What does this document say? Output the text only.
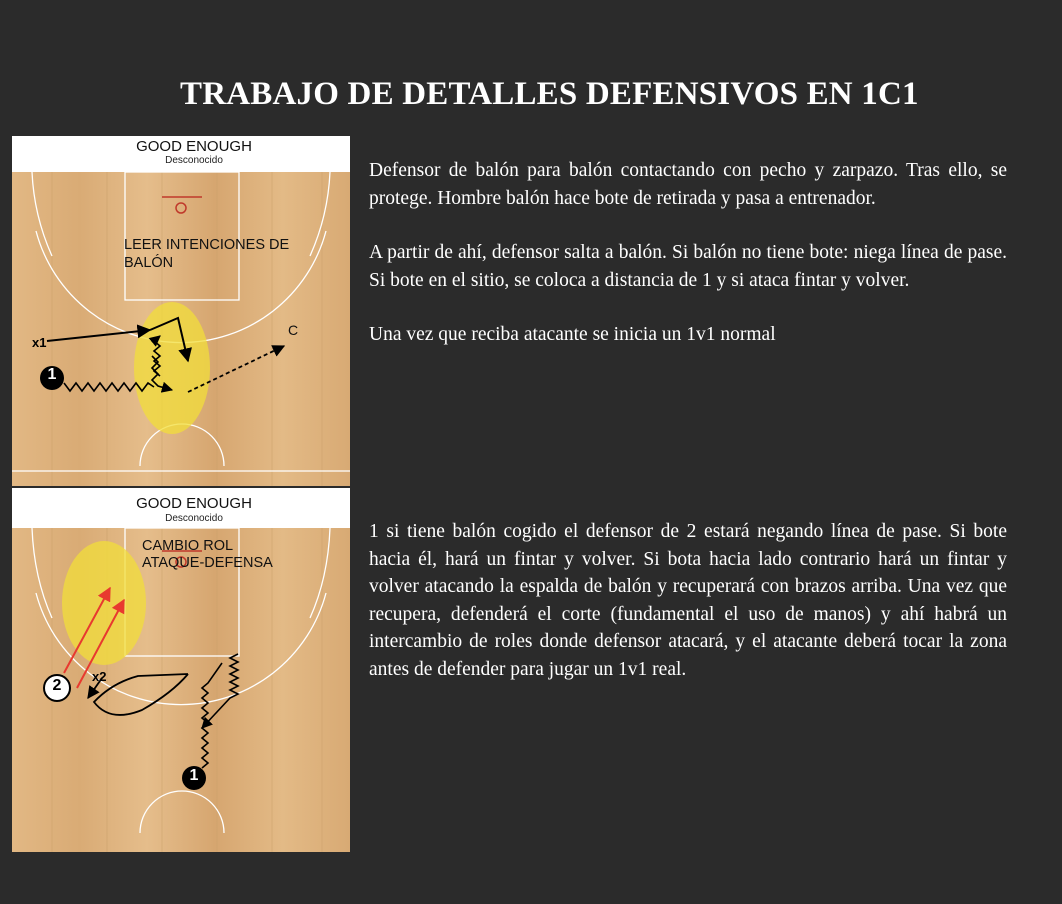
TRABAJO DE DETALLES DEFENSIVOS EN 1C1
GOOD ENOUGH
Desconocido
LEER INTENCIONES DE
BALÓN
x1
1
C
GOOD ENOUGH
Desconocido
CAMBIO ROL
ATAQUE-DEFENSA
x2
2
1

Defensor de balón para balón contactando con pecho y zarpazo. Tras ello, se protege. Hombre balón hace bote de retirada y pasa a entrenador.

A partir de ahí, defensor salta a balón. Si balón no tiene bote: niega línea de pase. Si bote en el sitio, se coloca a distancia de 1 y si ataca fintar y volver.

Una vez que reciba atacante se inicia un 1v1 normal

1 si tiene balón cogido el defensor de 2 estará negando línea de pase. Si bote hacia él, hará un fintar y volver. Si bota hacia lado contrario hará un fintar y volver atacando la espalda de balón y recuperará con brazos arriba. Una vez que recupera, defenderá el corte (fundamental el uso de manos) y ahí habrá un intercambio de roles donde defensor atacará, y el atacante deberá tocar la zona antes de defender para jugar un 1v1 real.
